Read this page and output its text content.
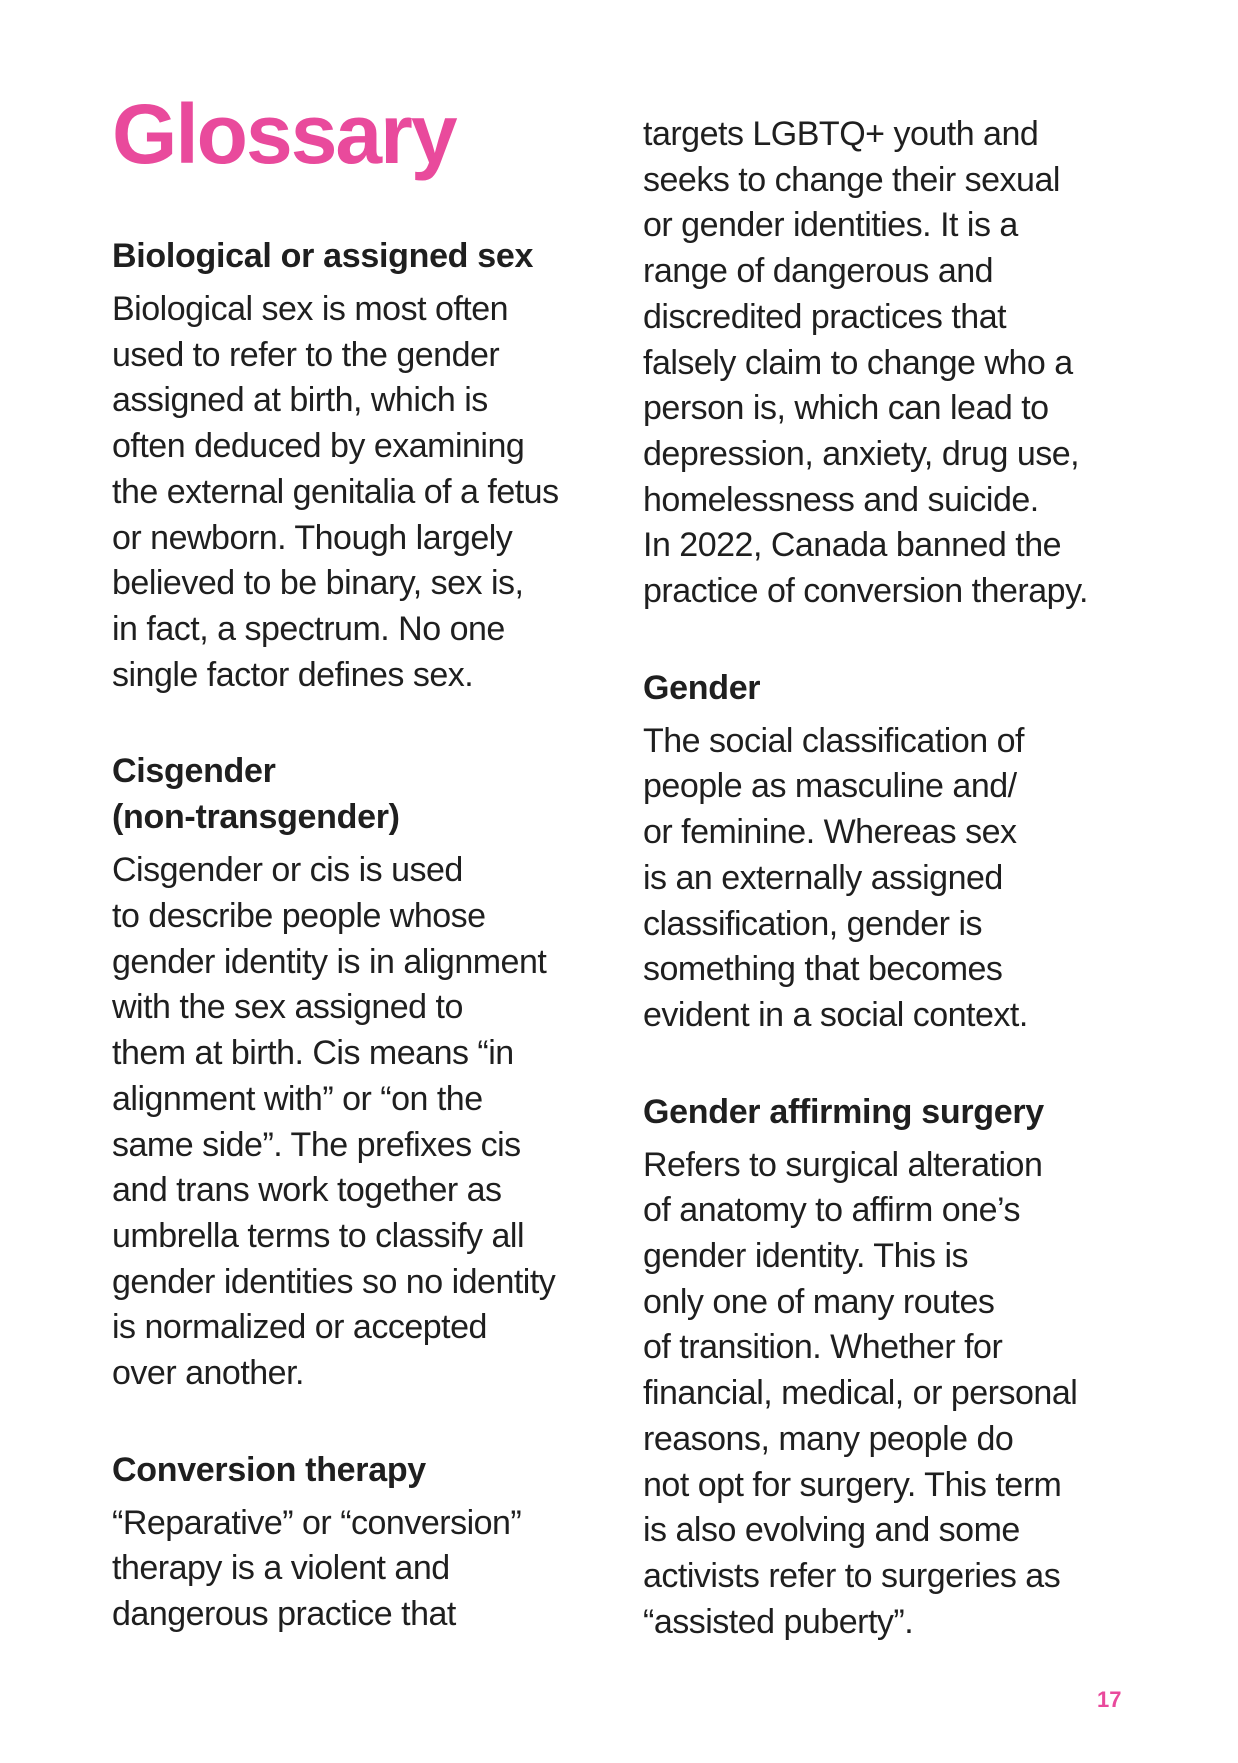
Glossary
Biological or assigned sex

Biological sex is most often
used to refer to the gender
assigned at birth, which is
often deduced by examining
the external genitalia of a fetus
or newborn. Though largely
believed to be binary, sex is,
in fact, a spectrum. No one
single factor defines sex.

Cisgender
(non-transgender)

Cisgender or cis is used
to describe people whose
gender identity is in alignment
with the sex assigned to
them at birth. Cis means “in
alignment with” or “on the
same side”. The prefixes cis
and trans work together as
umbrella terms to classify all
gender identities so no identity
is normalized or accepted
over another.

Conversion therapy

“Reparative” or “conversion”
therapy is a violent and
dangerous practice that

targets LGBTQ+ youth and
seeks to change their sexual
or gender identities. It is a
range of dangerous and
discredited practices that
falsely claim to change who a
person is, which can lead to
depression, anxiety, drug use,
homelessness and suicide.
In 2022, Canada banned the
practice of conversion therapy.

Gender

The social classification of
people as masculine and/
or feminine. Whereas sex
is an externally assigned
classification, gender is
something that becomes
evident in a social context.

Gender affirming surgery

Refers to surgical alteration
of anatomy to affirm one’s
gender identity. This is
only one of many routes
of transition. Whether for
financial, medical, or personal
reasons, many people do
not opt for surgery. This term
is also evolving and some
activists refer to surgeries as
“assisted puberty”.

17
